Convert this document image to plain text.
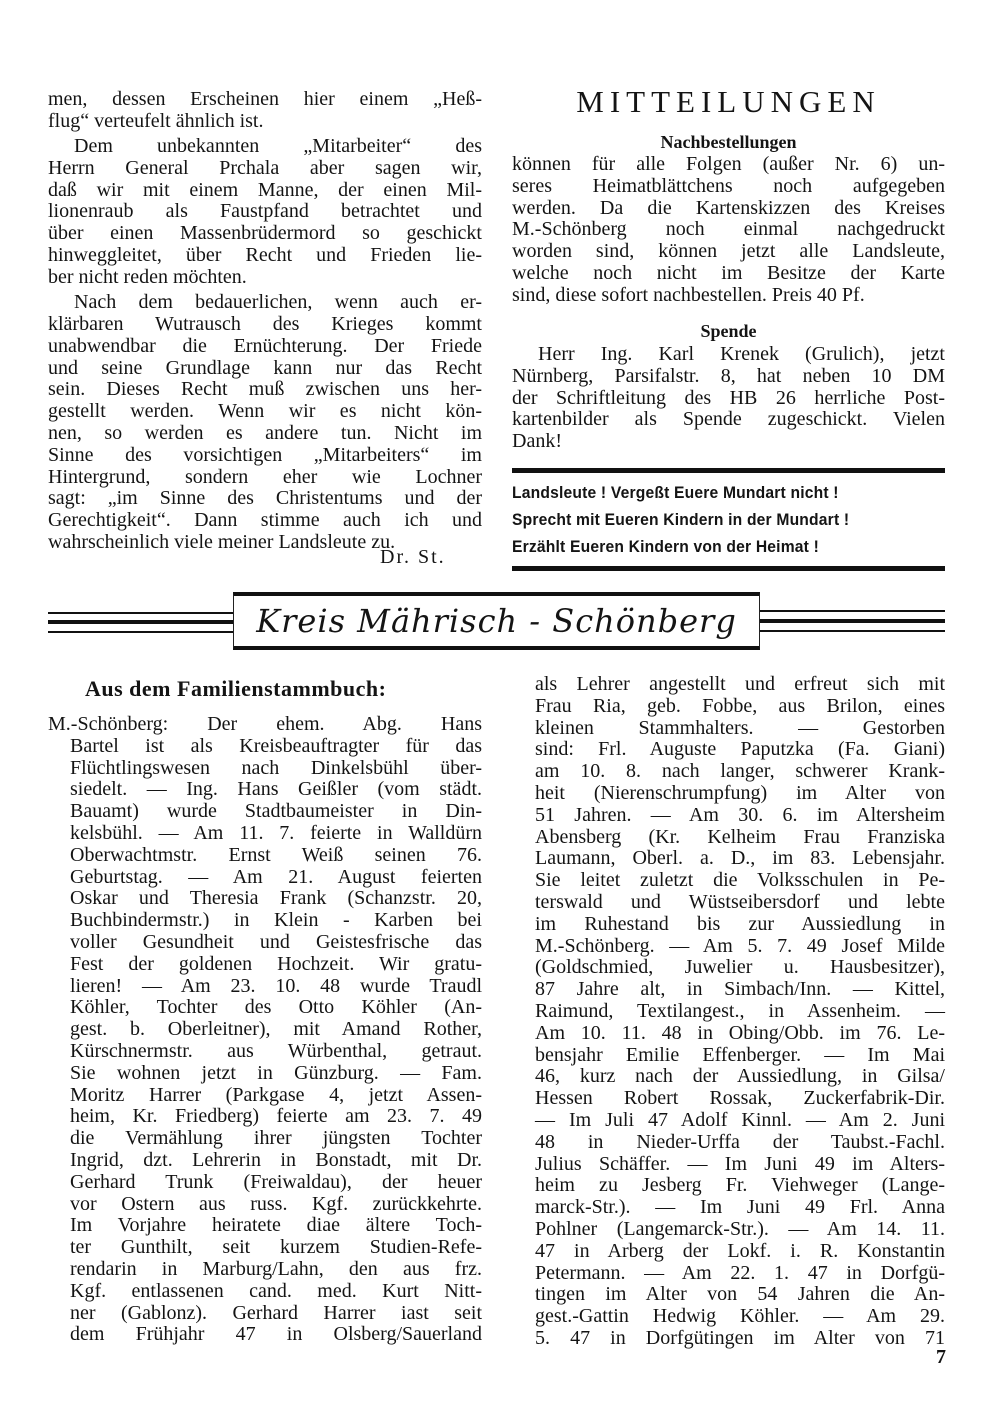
men, dessen Erscheinen hier einem „Heß-
flug“ verteufelt ähnlich ist.
Dem unbekannten „Mitarbeiter“ des
Herrn General Prchala aber sagen wir,
daß wir mit einem Manne, der einen Mil-
lionenraub als Faustpfand betrachtet und
über einen Massenbrüdermord so geschickt
hinweggleitet, über Recht und Frieden lie-
ber nicht reden möchten.
Nach dem bedauerlichen, wenn auch er-
klärbaren Wutrausch des Krieges kommt
unabwendbar die Ernüchterung. Der Friede
und seine Grundlage kann nur das Recht
sein. Dieses Recht muß zwischen uns her-
gestellt werden. Wenn wir es nicht kön-
nen, so werden es andere tun. Nicht im
Sinne des vorsichtigen „Mitarbeiters“ im
Hintergrund, sondern eher wie Lochner
sagt: „im Sinne des Christentums und der
Gerechtigkeit“. Dann stimme auch ich und
wahrscheinlich viele meiner Landsleute zu.
Dr. St.
MITTEILUNGEN
Nachbestellungen
können für alle Folgen (außer Nr. 6) un-
seres Heimatblättchens noch aufgegeben
werden. Da die Kartenskizzen des Kreises
M.-Schönberg noch einmal nachgedruckt
worden sind, können jetzt alle Landsleute,
welche noch nicht im Besitze der Karte
sind, diese sofort nachbestellen. Preis 40 Pf.
Spende
Herr Ing. Karl Krenek (Grulich), jetzt
Nürnberg, Parsifalstr. 8, hat neben 10 DM
der Schriftleitung des HB 26 herrliche Post-
kartenbilder als Spende zugeschickt. Vielen
Dank!
Landsleute ! Vergeßt Euere Mundart nicht !
Sprecht mit Eueren Kindern in der Mundart !
Erzählt Eueren Kindern von der Heimat !
Kreis Mährisch - Schönberg
Aus dem Familienstammbuch:
M.-Schönberg: Der ehem. Abg. Hans
Bartel ist als Kreisbeauftragter für das
Flüchtlingswesen nach Dinkelsbühl über-
siedelt. — Ing. Hans Geißler (vom städt.
Bauamt) wurde Stadtbaumeister in Din-
kelsbühl. — Am 11. 7. feierte in Walldürn
Oberwachtmstr. Ernst Weiß seinen 76.
Geburtstag. — Am 21. August feierten
Oskar und Theresia Frank (Schanzstr. 20,
Buchbindermstr.) in Klein - Karben bei
voller Gesundheit und Geistesfrische das
Fest der goldenen Hochzeit. Wir gratu-
lieren! — Am 23. 10. 48 wurde Traudl
Köhler, Tochter des Otto Köhler (An-
gest. b. Oberleitner), mit Amand Rother,
Kürschnermstr. aus Würbenthal, getraut.
Sie wohnen jetzt in Günzburg. — Fam.
Moritz Harrer (Parkgase 4, jetzt Assen-
heim, Kr. Friedberg) feierte am 23. 7. 49
die Vermählung ihrer jüngsten Tochter
Ingrid, dzt. Lehrerin in Bonstadt, mit Dr.
Gerhard Trunk (Freiwaldau), der heuer
vor Ostern aus russ. Kgf. zurückkehrte.
Im Vorjahre heiratete diae ältere Toch-
ter Gunthilt, seit kurzem Studien-Refe-
rendarin in Marburg/Lahn, den aus frz.
Kgf. entlassenen cand. med. Kurt Nitt-
ner (Gablonz). Gerhard Harrer iast seit
dem Frühjahr 47 in Olsberg/Sauerland
als Lehrer angestellt und erfreut sich mit
Frau Ria, geb. Fobbe, aus Brilon, eines
kleinen Stammhalters. — Gestorben
sind: Frl. Auguste Paputzka (Fa. Giani)
am 10. 8. nach langer, schwerer Krank-
heit (Nierenschrumpfung) im Alter von
51 Jahren. — Am 30. 6. im Altersheim
Abensberg (Kr. Kelheim Frau Franziska
Laumann, Oberl. a. D., im 83. Lebensjahr.
Sie leitet zuletzt die Volksschulen in Pe-
terswald und Wüstseibersdorf und lebte
im Ruhestand bis zur Aussiedlung in
M.-Schönberg. — Am 5. 7. 49 Josef Milde
(Goldschmied, Juwelier u. Hausbesitzer),
87 Jahre alt, in Simbach/Inn. — Kittel,
Raimund, Textilangest., in Assenheim. —
Am 10. 11. 48 in Obing/Obb. im 76. Le-
bensjahr Emilie Effenberger. — Im Mai
46, kurz nach der Aussiedlung, in Gilsa/
Hessen Robert Rossak, Zuckerfabrik-Dir.
— Im Juli 47 Adolf Kinnl. — Am 2. Juni
48 in Nieder-Urffa der Taubst.-Fachl.
Julius Schäffer. — Im Juni 49 im Alters-
heim zu Jesberg Fr. Viehweger (Lange-
marck-Str.). — Im Juni 49 Frl. Anna
Pohlner (Langemarck-Str.). — Am 14. 11.
47 in Arberg der Lokf. i. R. Konstantin
Petermann. — Am 22. 1. 47 in Dorfgü-
tingen im Alter von 54 Jahren die An-
gest.-Gattin Hedwig Köhler. — Am 29.
5. 47 in Dorfgütingen im Alter von 71
7
